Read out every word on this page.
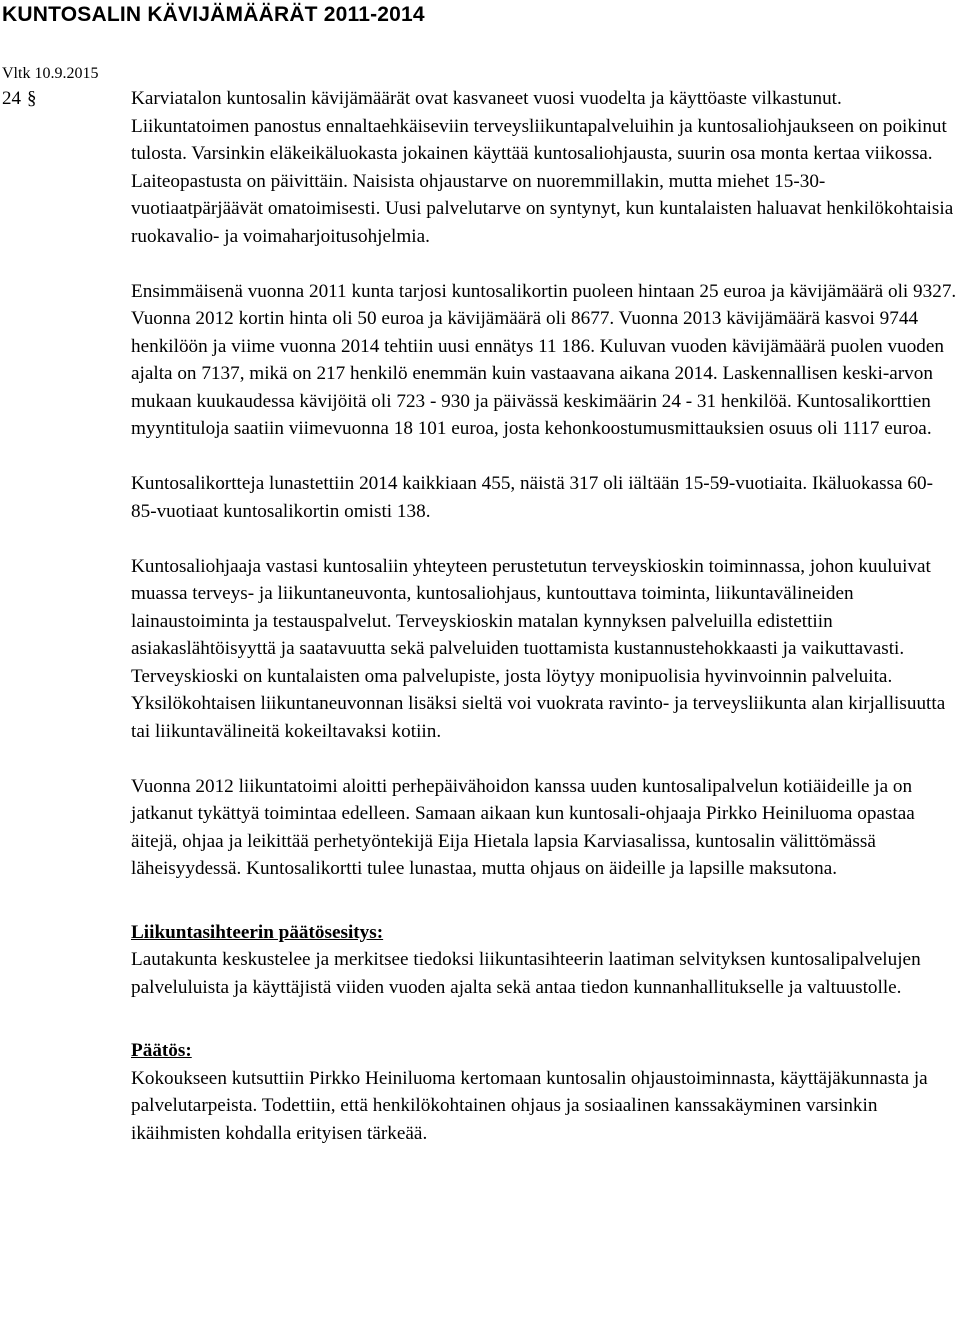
KUNTOSALIN KÄVIJÄMÄÄRÄT 2011-2014
Vltk 10.9.2015
24 §	Karviatalon kuntosalin kävijämäärät ovat kasvaneet vuosi vuodelta ja käyttöaste vilkastunut. Liikuntatoimen panostus ennaltaehkäiseviin terveysliikuntapalveluihin ja kuntosaliohjaukseen on poikinut tulosta. Varsinkin eläkeikäluokasta jokainen käyttää kuntosaliohjausta, suurin osa monta kertaa viikossa. Laiteopastusta on päivittäin. Naisista ohjaustarve on nuoremmillakin, mutta miehet 15-30-vuotiaatpärjäävät omatoimisesti. Uusi palvelutarve on syntynyt, kun kuntalaisten haluavat henkilökohtaisia ruokavalio- ja voimaharjoitusohjelmia.

Ensimmäisenä vuonna 2011 kunta tarjosi kuntosalikortin puoleen hintaan 25 euroa ja kävijämäärä oli 9327. Vuonna 2012 kortin hinta oli 50 euroa ja kävijämäärä oli 8677. Vuonna 2013 kävijämäärä kasvoi 9744 henkilöön ja viime vuonna 2014 tehtiin uusi ennätys 11 186. Kuluvan vuoden kävijämäärä puolen vuoden ajalta on 7137, mikä on 217 henkilö enemmän kuin vastaavana aikana 2014. Laskennallisen keski-arvon mukaan kuukaudessa kävijöitä oli 723 - 930 ja päivässä keskimäärin 24 - 31 henkilöä. Kuntosalikorttien myyntituloja saatiin viimevuonna 18 101 euroa, josta kehonkoostumusmittauksien osuus oli 1117 euroa.

Kuntosalikortteja lunastettiin 2014 kaikkiaan 455, näistä 317 oli iältään 15-59-vuotiaita. Ikäluokassa 60-85-vuotiaat kuntosalikortin omisti 138.

Kuntosaliohjaaja vastasi kuntosaliin yhteyteen perustetutun terveyskioskin toiminnassa, johon kuuluivat muassa terveys- ja liikuntaneuvonta, kuntosaliohjaus, kuntouttava toiminta, liikuntavälineiden lainaustoiminta ja testauspalvelut. Terveyskioskin matalan kynnyksen palveluilla edistettiin asiakaslähtöisyyttä ja saatavuutta sekä palveluiden tuottamista kustannustehokkaasti ja vaikuttavasti. Terveyskioski on kuntalaisten oma palvelupiste, josta löytyy monipuolisia hyvinvoinnin palveluita. Yksilökohtaisen liikuntaneuvonnan lisäksi sieltä voi vuokrata ravinto- ja terveysliikunta alan kirjallisuutta tai liikuntavälineitä kokeiltavaksi kotiin.

Vuonna 2012 liikuntatoimi aloitti perhepäivähoidon kanssa uuden kuntosalipalvelun kotiäideille ja on jatkanut tykättyä toimintaa edelleen. Samaan aikaan kun kuntosali-ohjaaja Pirkko Heiniluoma opastaa äitejä, ohjaa ja leikittää perhetyöntekijä Eija Hietala lapsia Karviasalissa, kuntosalin välittömässä läheisyydessä. Kuntosalikortti tulee lunastaa, mutta ohjaus on äideille ja lapsille maksutona.

Liikuntasihteerin päätösesitys:
Lautakunta keskustelee ja merkitsee tiedoksi liikuntasihteerin laatiman selvityksen kuntosalipalvelujen palveluluista ja käyttäjistä viiden vuoden ajalta sekä antaa tiedon kunnanhallitukselle ja valtuustolle.

Päätös:
Kokoukseen kutsuttiin Pirkko Heiniluoma kertomaan kuntosalin ohjaustoiminnasta, käyttäjäkunnasta ja palvelutarpeista. Todettiin, että henkilökohtainen ohjaus ja sosiaalinen kanssakäyminen varsinkin ikäihmisten kohdalla erityisen tärkeää.
